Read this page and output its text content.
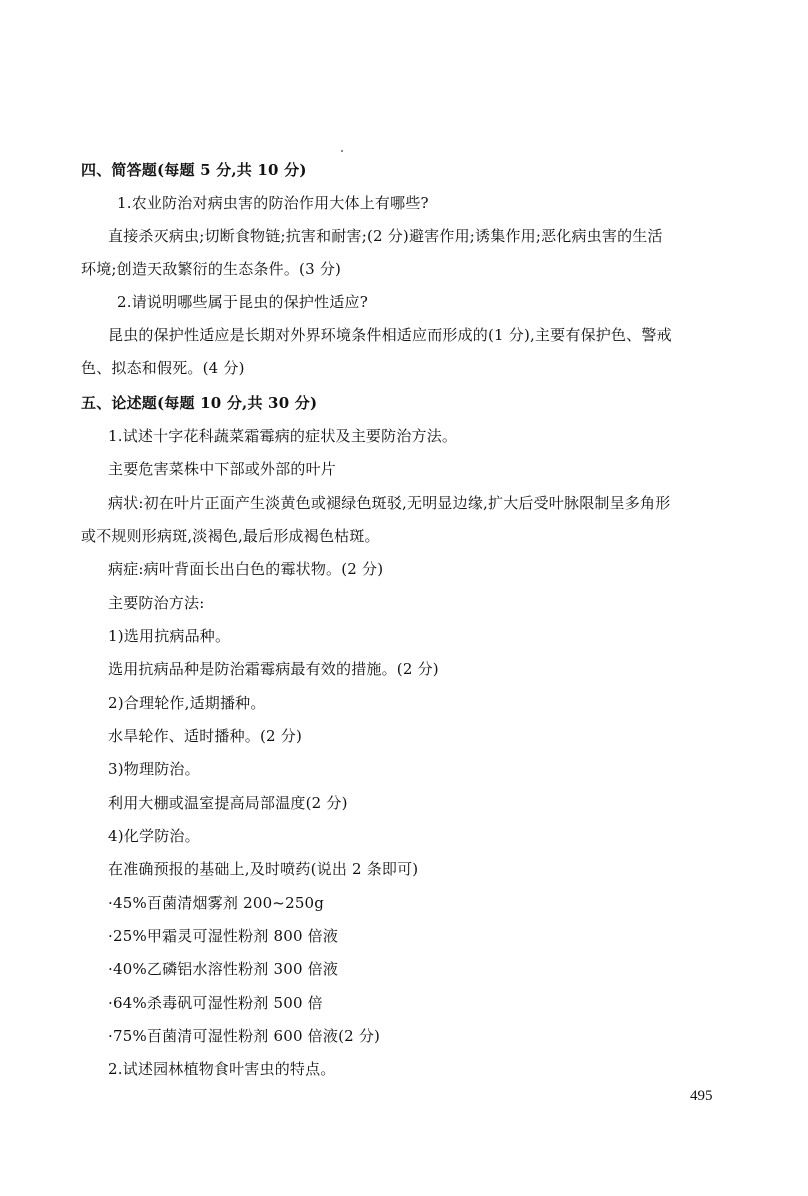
四、简答题(每题 5 分,共 10 分)
1.农业防治对病虫害的防治作用大体上有哪些?
直接杀灭病虫;切断食物链;抗害和耐害;(2 分)避害作用;诱集作用;恶化病虫害的生活
环境;创造天敌繁衍的生态条件。(3 分)
2.请说明哪些属于昆虫的保护性适应?
昆虫的保护性适应是长期对外界环境条件相适应而形成的(1 分),主要有保护色、警戒
色、拟态和假死。(4 分)
五、论述题(每题 10 分,共 30 分)
1.试述十字花科蔬菜霜霉病的症状及主要防治方法。
主要危害菜株中下部或外部的叶片
病状:初在叶片正面产生淡黄色或褪绿色斑驳,无明显边缘,扩大后受叶脉限制呈多角形
或不规则形病斑,淡褐色,最后形成褐色枯斑。
病症:病叶背面长出白色的霉状物。(2 分)
主要防治方法:
1)选用抗病品种。
选用抗病品种是防治霜霉病最有效的措施。(2 分)
2)合理轮作,适期播种。
水旱轮作、适时播种。(2 分)
3)物理防治。
利用大棚或温室提高局部温度(2 分)
4)化学防治。
在准确预报的基础上,及时喷药(说出 2 条即可)
·45%百菌清烟雾剂 200~250g
·25%甲霜灵可湿性粉剂 800 倍液
·40%乙磷铝水溶性粉剂 300 倍液
·64%杀毒矾可湿性粉剂 500 倍
·75%百菌清可湿性粉剂 600 倍液(2 分)
2.试述园林植物食叶害虫的特点。
495
